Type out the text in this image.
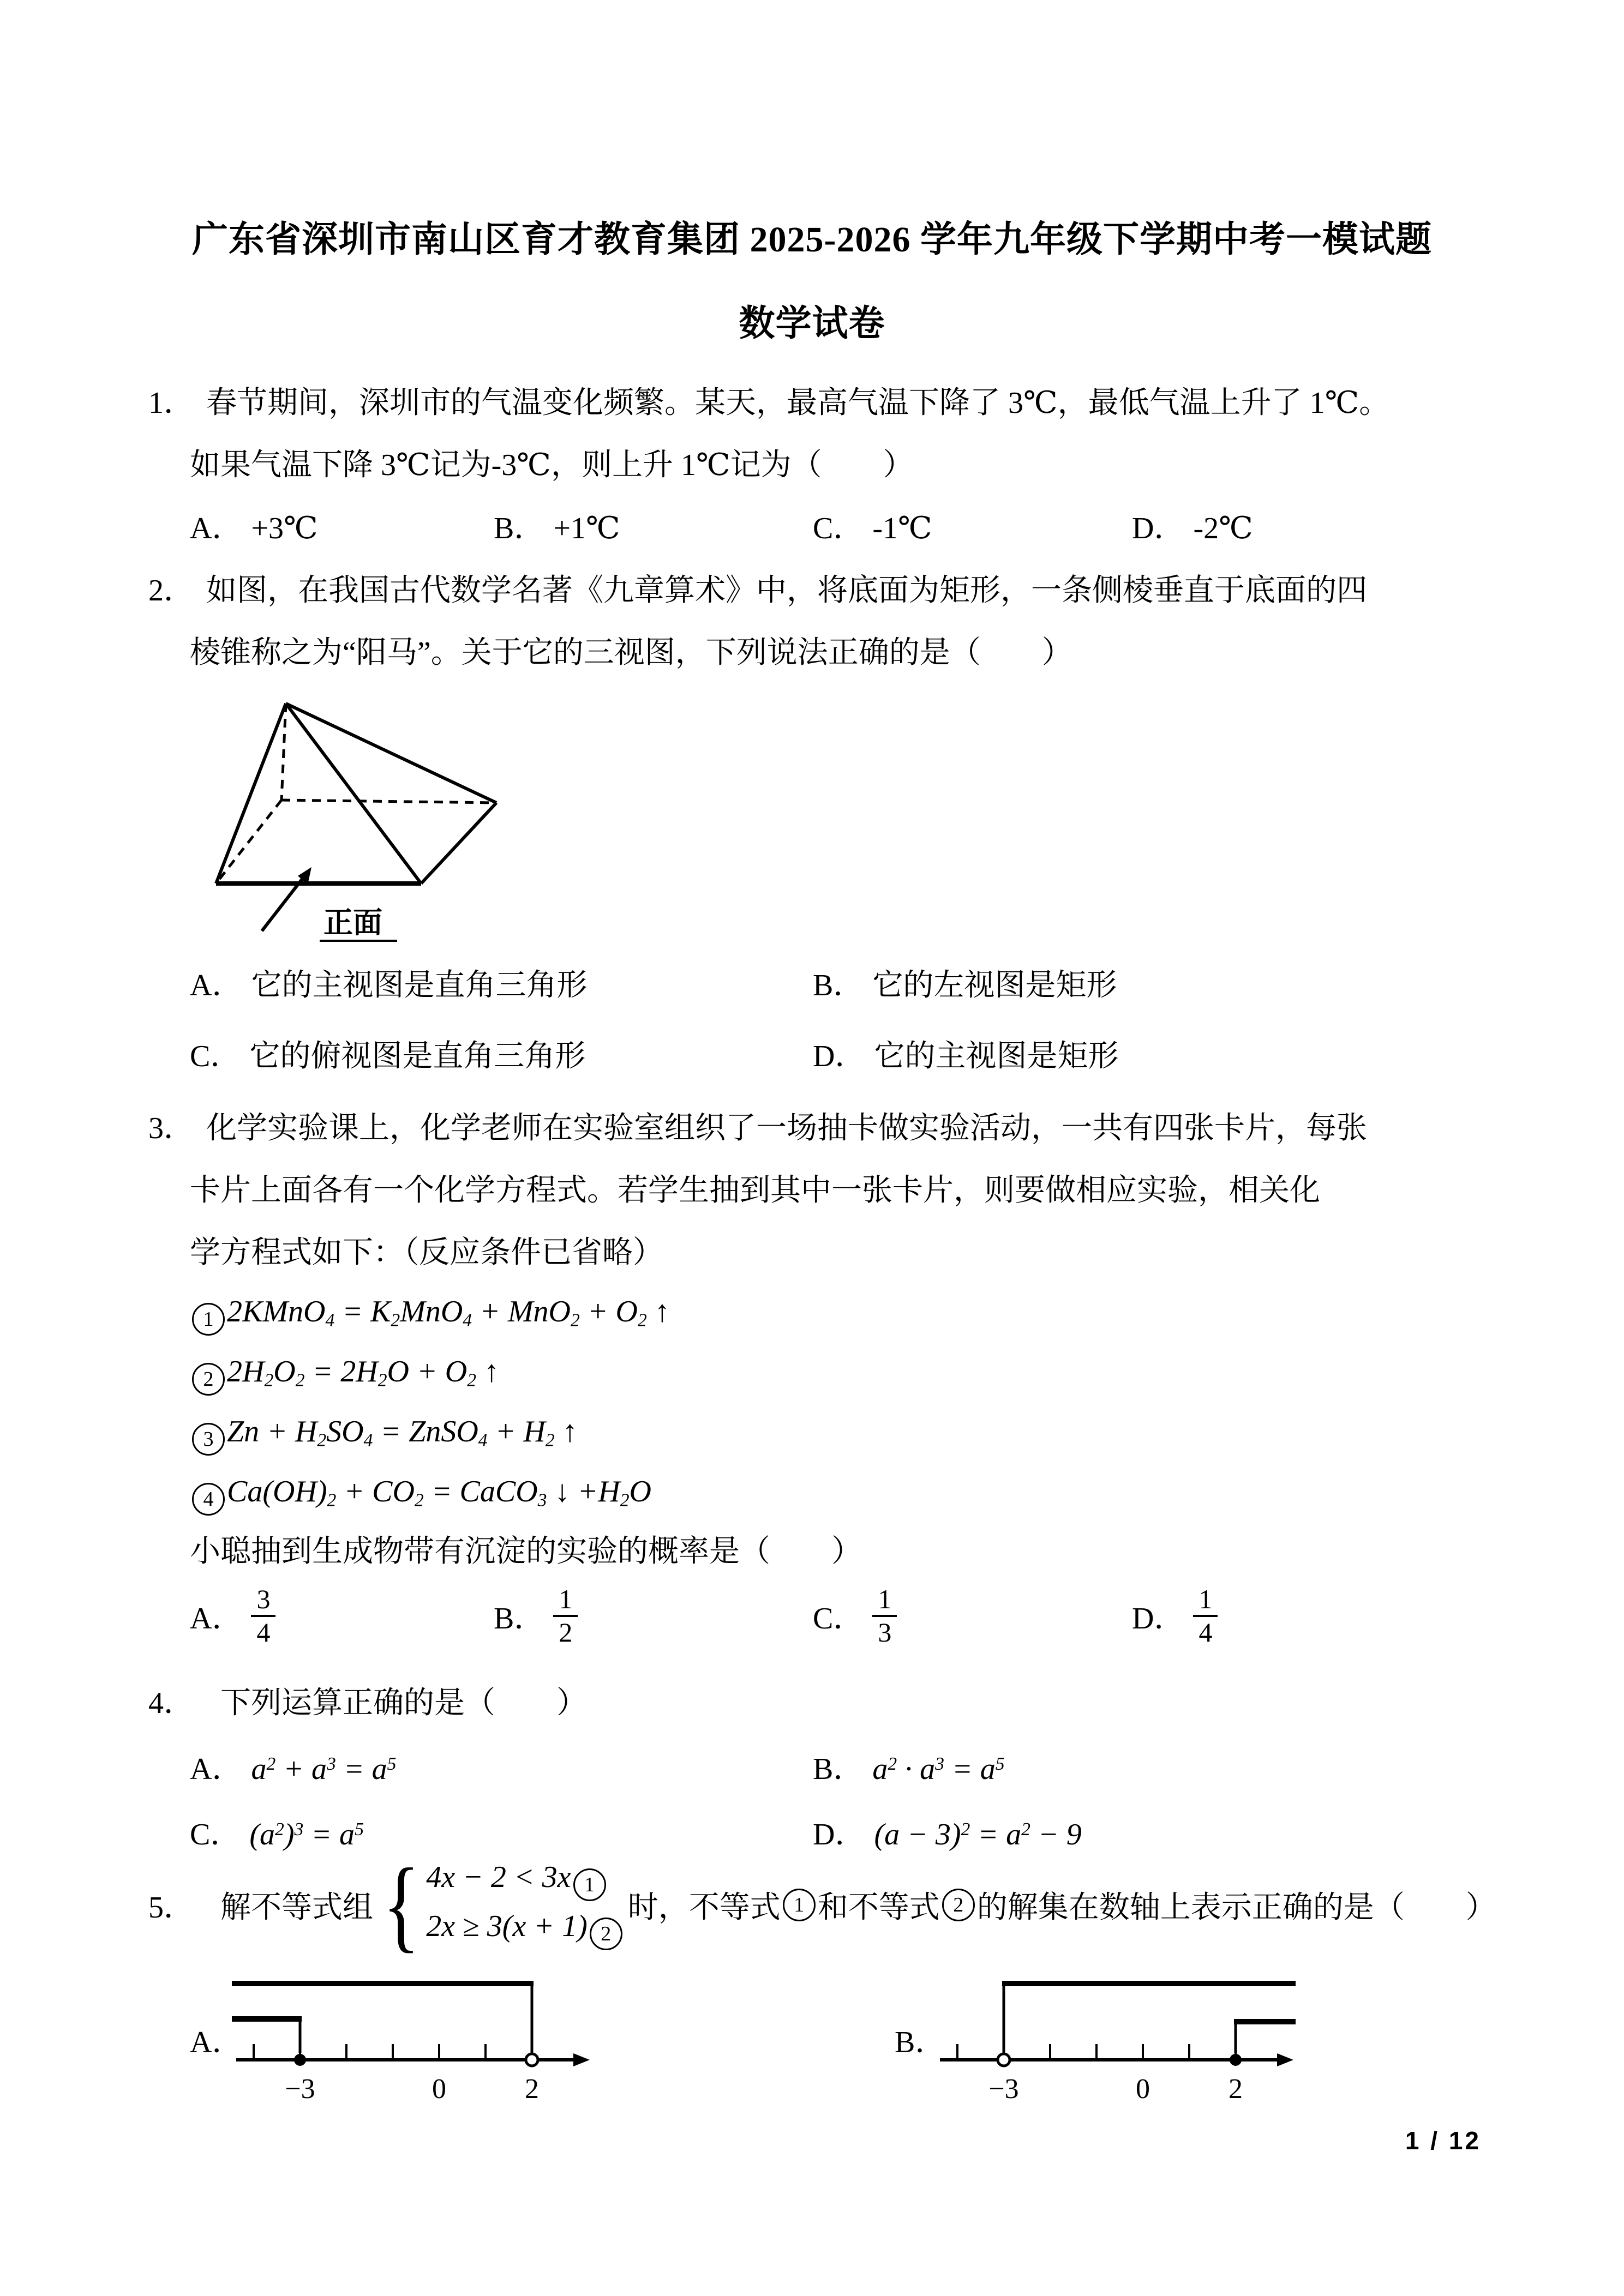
广东省深圳市南山区育才教育集团 2025-2026 学年九年级下学期中考一模试题
数学试卷
1． 春节期间，深圳市的气温变化频繁。某天，最高气温下降了 3℃，最低气温上升了 1℃。
如果气温下降 3℃记为-3℃，则上升 1℃记为（　　）
A． +3℃	B． +1℃	C． -1℃	D． -2℃
2． 如图，在我国古代数学名著《九章算术》中，将底面为矩形，一条侧棱垂直于底面的四
棱锥称之为“阳马”。关于它的三视图，下列说法正确的是（　　）
正面
A． 它的主视图是直角三角形	B． 它的左视图是矩形
C． 它的俯视图是直角三角形	D． 它的主视图是矩形
3． 化学实验课上，化学老师在实验室组织了一场抽卡做实验活动，一共有四张卡片，每张
卡片上面各有一个化学方程式。若学生抽到其中一张卡片，则要做相应实验，相关化
学方程式如下：（反应条件已省略）
1 2KMnO$_4$ = $K_2MnO_4 + MnO_2 + O_2$ ↑
2 $2H_2O_2 = 2H_2O + O_2$ ↑
3 $Zn + H_2SO_4$ = ZnSO$_4$ + $H_2$ ↑
4 $Ca(OH)_2 + CO_2$ = CaCO$_3$ ↓ $+H_2O$
小聪抽到生成物带有沉淀的实验的概率是（　　）
A． $\frac{3}{4}$	B． $\frac{1}{2}$	C． $\frac{1}{3}$	D． $\frac{1}{4}$
4． 下列运算正确的是（　　）
A． $a^2 + a^3 = a^5$	B． $a^2 \cdot a^3 = a^5$
C． $(a^2)^3 = a^5$	D． $(a - 3)^2 = a^2 - 9$
5． 解不等式组 { 4x − 2 < 3x 1
2x ≥ 3(x + 1) 2
时，不等式 1 和不等式 2 的解集在数轴上表示正确的是（　　）
A．
−3	0	2
B．
−3	0	2
1 / 12
